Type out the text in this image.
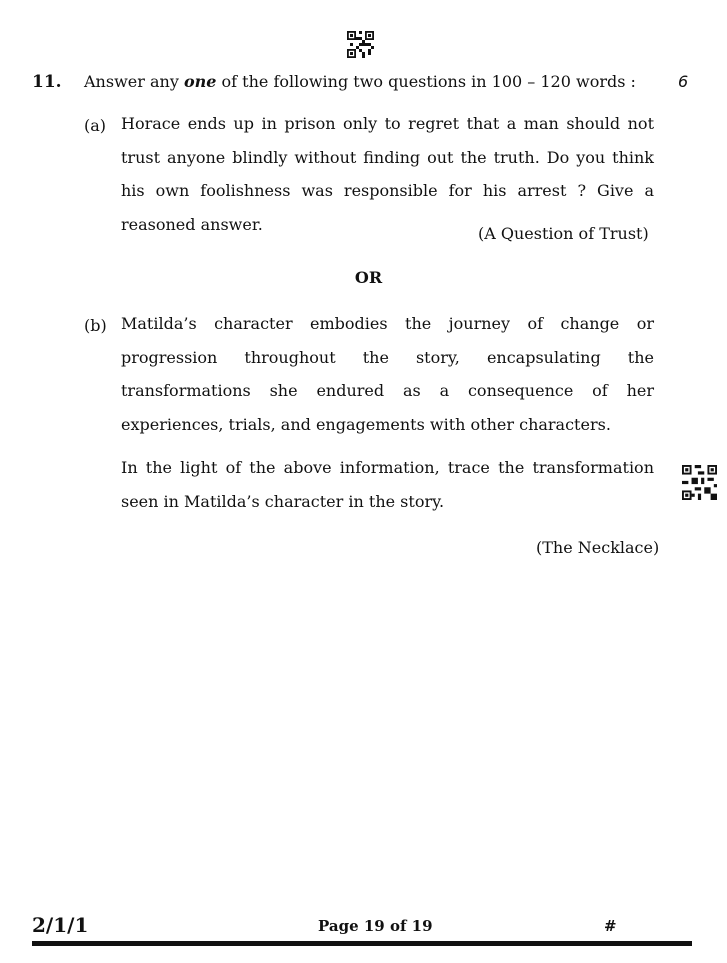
11. Answer any one of the following two questions in 100 – 120 words :	6
(a) Horace ends up in prison only to regret that a man should not trust anyone blindly without finding out the truth. Do you think his own foolishness was responsible for his arrest ? Give a reasoned answer.	(A Question of Trust)
OR
(b) Matilda’s character embodies the journey of change or progression throughout the story, encapsulating the transformations she endured as a consequence of her experiences, trials, and engagements with other characters.
In the light of the above information, trace the transformation seen in Matilda’s character in the story.
(The Necklace)
2/1/1	Page 19 of 19	#
